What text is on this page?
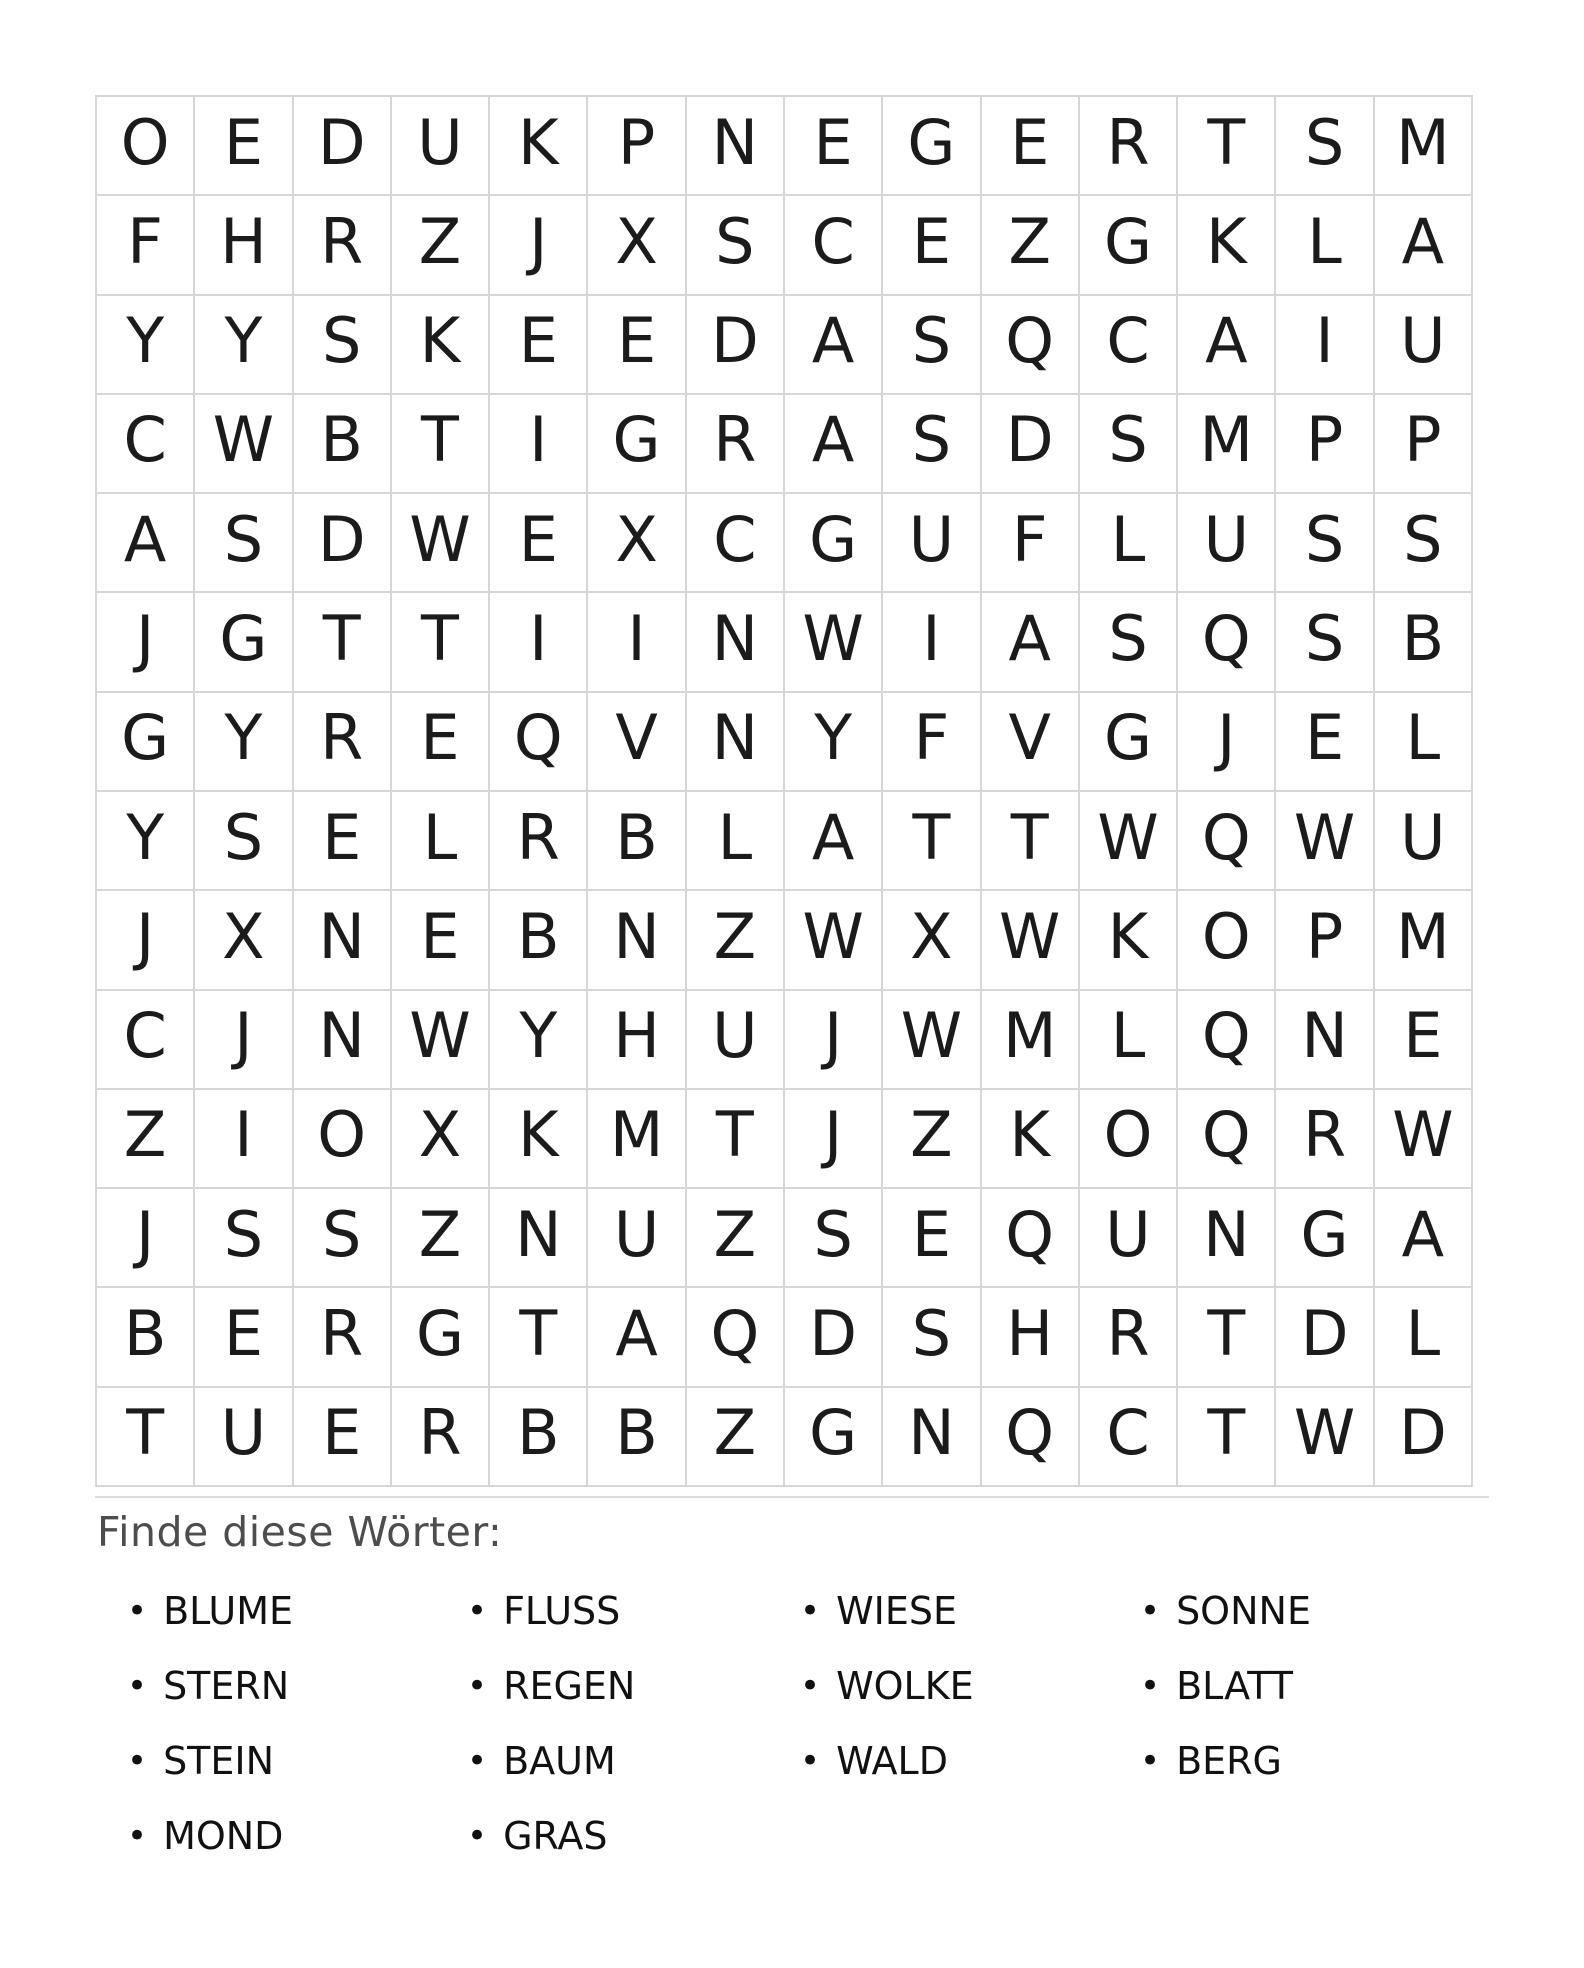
O E D U K P N E G E R T S M
F H R Z	J	X S C E Z G K L A
Y Y S K E E D A S Q C A	I	U
C W B T	I	G R A S D S M P P
A S D W E X C G U F	L U S S
J	G T T	I	I	N W I	A S Q S B
G Y R E Q V N Y F V G	J	E L
Y S E L R B L A T T W Q W U
J	X N E B N Z W X W K O P M
C	J	N W Y H U	J W M L Q N E
Z	I	O X K M T	J	Z K O Q R W
J	S S Z N U Z S E Q U N G A
B E R G T A Q D S H R T D L
T U E R B B Z G N Q C T W D
Finde diese Wörter:
• BLUME
• STERN
• STEIN
• MOND
• FLUSS
• REGEN
• BAUM
• GRAS
• WIESE
• WOLKE
• WALD
• SONNE
• BLATT
• BERG
